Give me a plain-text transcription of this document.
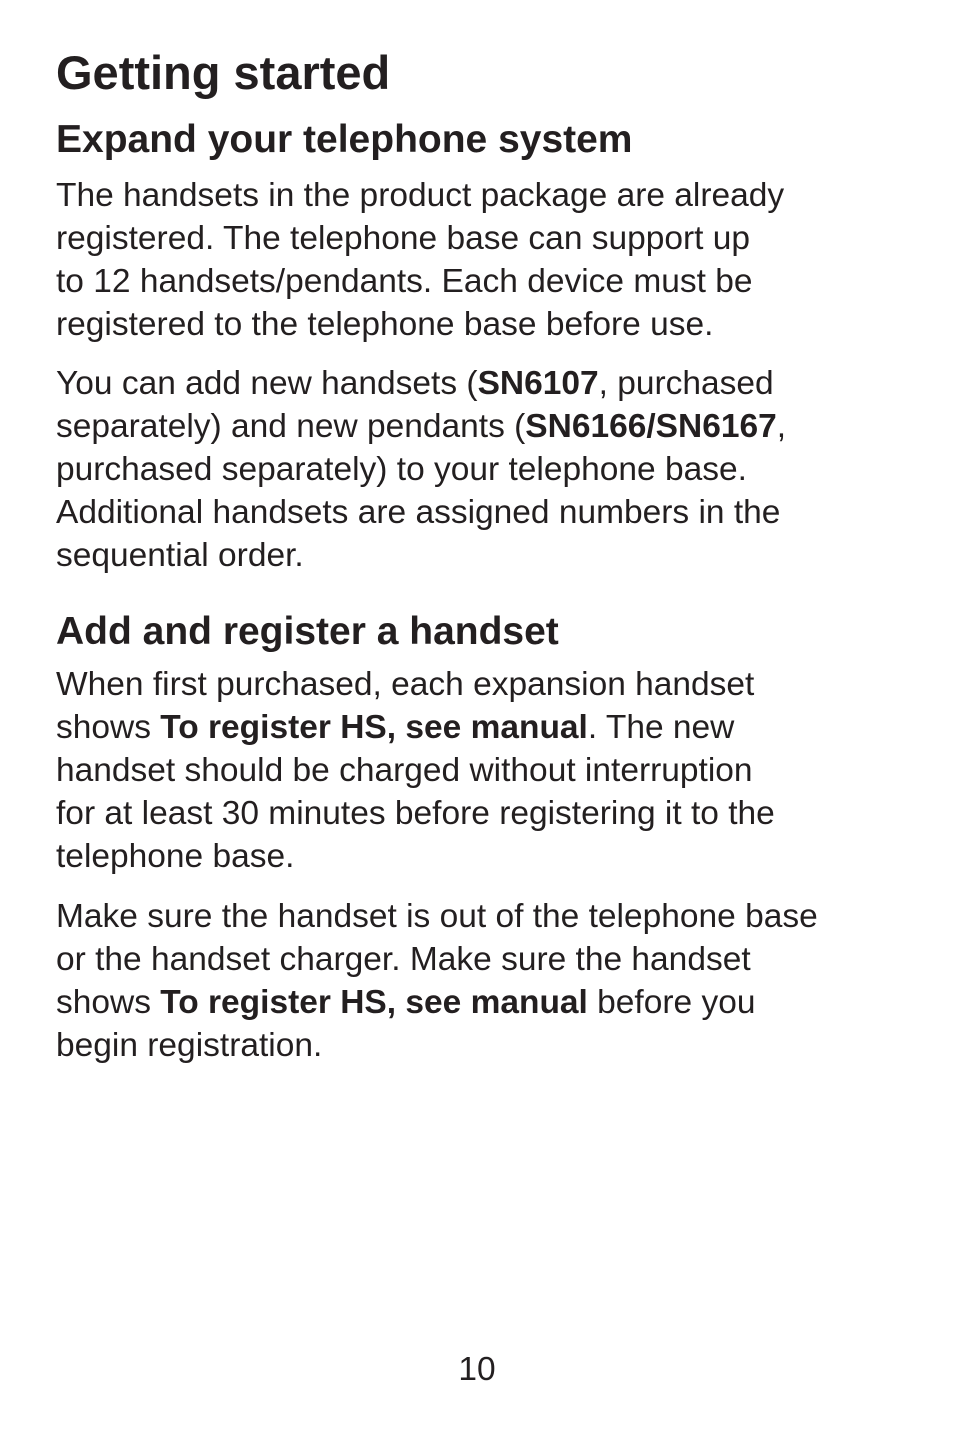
Getting started
Expand your telephone system

The handsets in the product package are already
registered. The telephone base can support up
to 12 handsets/pendants. Each device must be
registered to the telephone base before use.

You can add new handsets (SN6107, purchased
separately) and new pendants (SN6166/SN6167,
purchased separately) to your telephone base.
Additional handsets are assigned numbers in the
sequential order.

Add and register a handset

When first purchased, each expansion handset
shows To register HS, see manual. The new
handset should be charged without interruption
for at least 30 minutes before registering it to the
telephone base.

Make sure the handset is out of the telephone base
or the handset charger. Make sure the handset
shows To register HS, see manual before you
begin registration.

10
